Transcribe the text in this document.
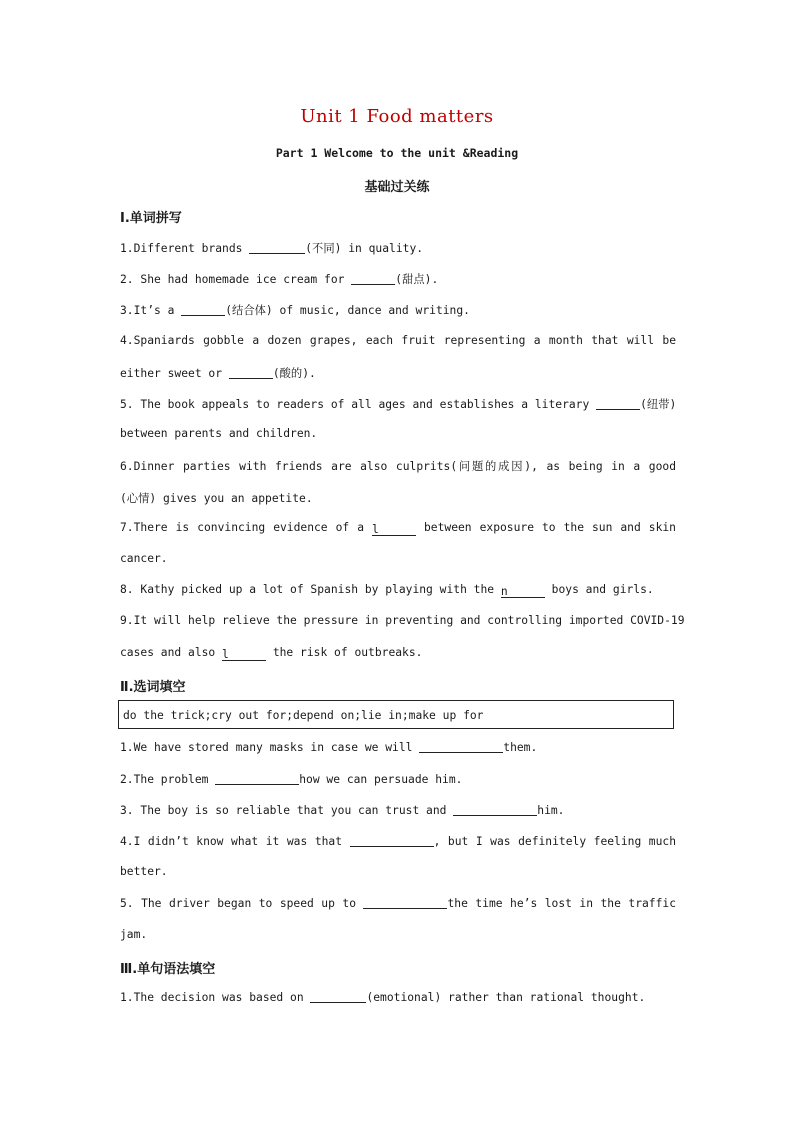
Unit 1 Food matters
Part 1 Welcome to the unit &Reading
基础过关练
Ⅰ.单词拼写
1.Different brands	(不同) in quality.
2. She had homemade ice cream for	(甜点).
3.It’s a	(结合体) of music, dance and writing.
4.Spaniards gobble a dozen grapes, each fruit representing a month that will be
either sweet or	(酸的).
5. The book appeals to readers of all ages and establishes a literary	(纽带)
between parents and children.
6.Dinner parties with friends are also culprits(问题的成因), as being in a good
(心情) gives you an appetite.
7.There is convincing evidence of a l	between exposure to the sun and skin
cancer.
8. Kathy picked up a lot of Spanish by playing with the n	boys and girls.
9.It will help relieve the pressure in preventing and controlling imported COVID-19
cases and also l	the risk of outbreaks.
Ⅱ.选词填空
do the trick;cry out for;depend on;lie in;make up for
1.We have stored many masks in case we will	them.
2.The problem	how we can persuade him.
3. The boy is so reliable that you can trust and	him.
4.I didn’t know what it was that	, but I was definitely feeling much
better.
5. The driver began to speed up to	the time he’s lost in the traffic
jam.
Ⅲ.单句语法填空
1.The decision was based on	(emotional) rather than rational thought.
